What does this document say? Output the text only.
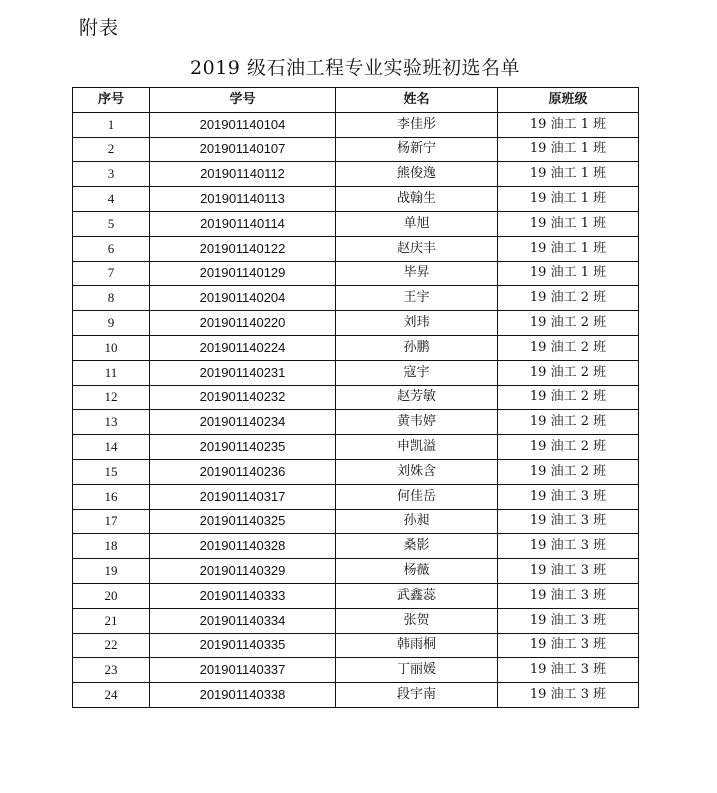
附表
2019 级石油工程专业实验班初选名单
序号	学号	姓名	原班级
1	201901140104	李佳彤	19 油工 1 班
2	201901140107	杨新宁	19 油工 1 班
3	201901140112	熊俊逸	19 油工 1 班
4	201901140113	战翰生	19 油工 1 班
5	201901140114	单旭	19 油工 1 班
6	201901140122	赵庆丰	19 油工 1 班
7	201901140129	毕昇	19 油工 1 班
8	201901140204	王宇	19 油工 2 班
9	201901140220	刘玮	19 油工 2 班
10	201901140224	孙鹏	19 油工 2 班
11	201901140231	寇宇	19 油工 2 班
12	201901140232	赵芳敏	19 油工 2 班
13	201901140234	黄韦婷	19 油工 2 班
14	201901140235	申凯溢	19 油工 2 班
15	201901140236	刘姝含	19 油工 2 班
16	201901140317	何佳岳	19 油工 3 班
17	201901140325	孙昶	19 油工 3 班
18	201901140328	桑影	19 油工 3 班
19	201901140329	杨薇	19 油工 3 班
20	201901140333	武鑫蕊	19 油工 3 班
21	201901140334	张贺	19 油工 3 班
22	201901140335	韩雨桐	19 油工 3 班
23	201901140337	丁丽媛	19 油工 3 班
24	201901140338	段宇南	19 油工 3 班
